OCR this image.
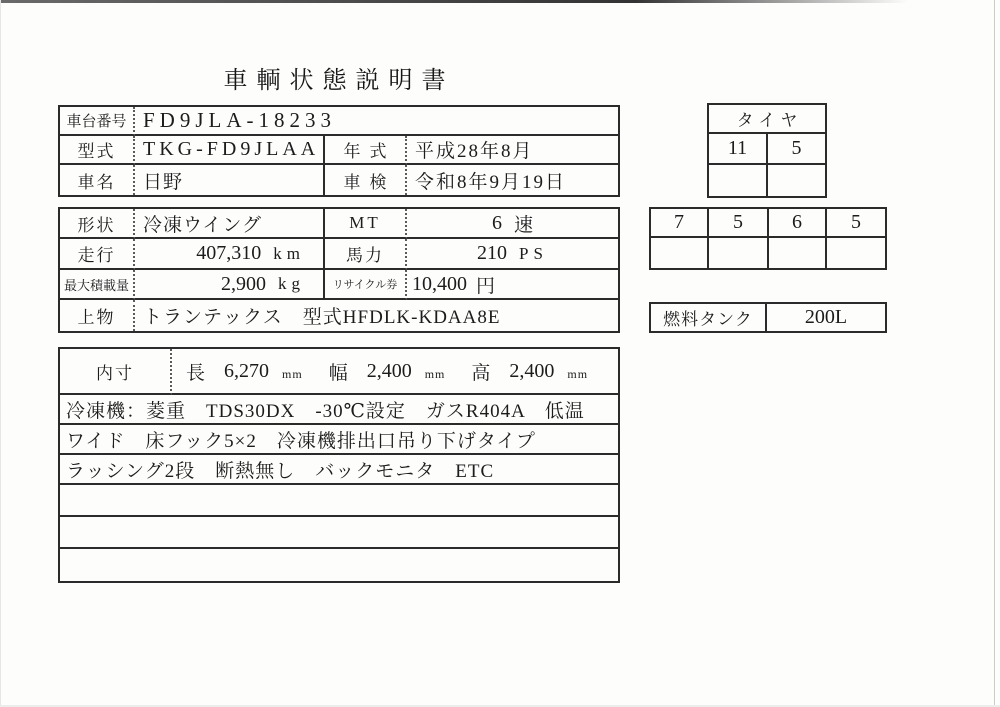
車輌状態説明書
車台番号 FD9JLA-18233
型式	TKG-FD9JLAA	年式	平成28年8月
車名	日野	車検	令和8年9月19日
形状	冷凍ウイング	MT	6 速
走行	407,310 km	馬力	210 PS
最大積載量	2,900 kg	リサイクル券 10,400 円
上物	トランテックス　型式HFDLK-KDAA8E
内寸	長 6,270 mm 幅 2,400 mm 高 2,400 mm
冷凍機：菱重　TDS30DX　-30℃設定　ガスR404A　低温
ワイド　床フック5×2　冷凍機排出口吊り下げタイプ
ラッシング2段　断熱無し　バックモニタ　ETC
タイヤ
11	5
7	5	6	5
燃料タンク	200L
